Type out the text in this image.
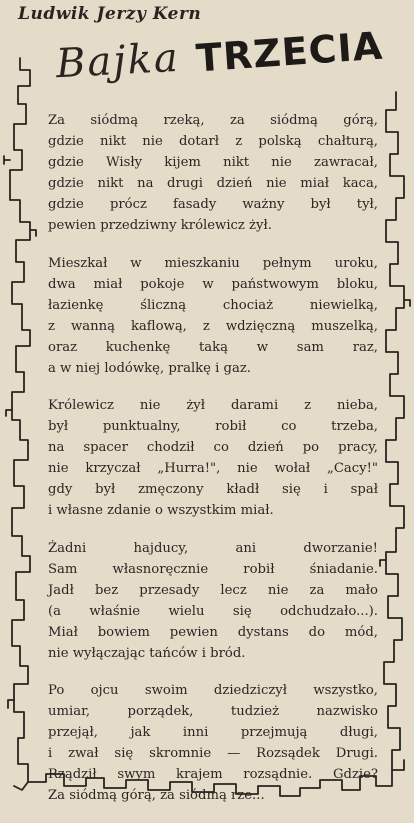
Ludwik Jerzy Kern
Bajka TRZECIA
Za siódmą rzeką, za siódmą górą,
gdzie nikt nie dotarł z polską chałturą,
gdzie Wisły kijem nikt nie zawracał,
gdzie nikt na drugi dzień nie miał kaca,
gdzie prócz fasady ważny był tył,
pewien przedziwny królewicz żył.
Mieszkał w mieszkaniu pełnym uroku,
dwa miał pokoje w państwowym bloku,
łazienkę śliczną chociaż niewielką,
z wanną kaflową, z wdzięczną muszelką,
oraz kuchenkę taką w sam raz,
a w niej lodówkę, pralkę i gaz.
Królewicz nie żył darami z nieba,
był punktualny, robił co trzeba,
na spacer chodził co dzień po pracy,
nie krzyczał „Hurra!", nie wołał „Cacy!"
gdy był zmęczony kładł się i spał
i własne zdanie o wszystkim miał.
Żadni hajducy, ani dworzanie!
Sam własnoręcznie robił śniadanie.
Jadł bez przesady lecz nie za mało
(a właśnie wielu się odchudzało...).
Miał bowiem pewien dystans do mód,
nie wyłączając tańców i bród.
Po ojcu swoim dziedziczył wszystko,
umiar, porządek, tudzież nazwisko
przejął, jak inni przejmują długi,
i zwał się skromnie — Rozsądek Drugi.
Rządził swym krajem rozsądnie. Gdzie?
Za siódmą górą, za siódmą rze...
